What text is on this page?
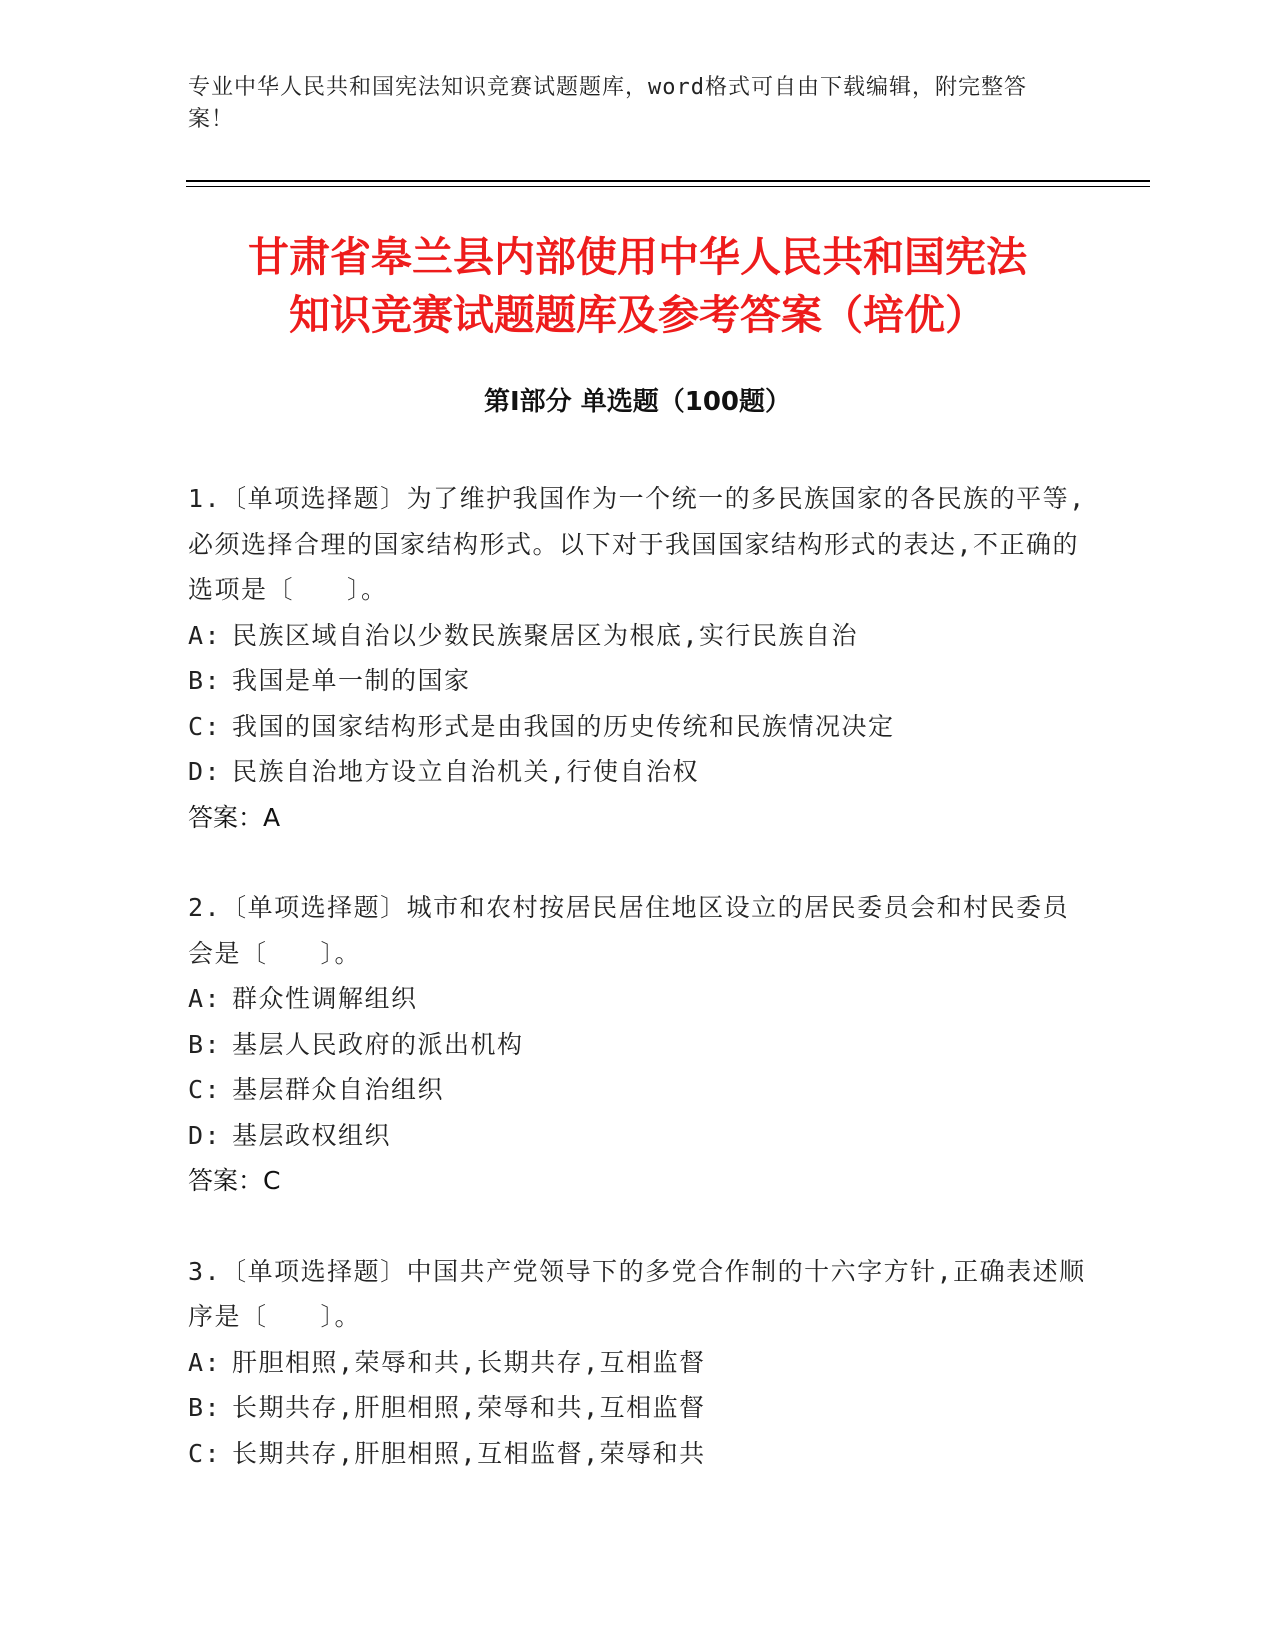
专业中华人民共和国宪法知识竞赛试题题库，word格式可自由下载编辑，附完整答案！
甘肃省皋兰县内部使用中华人民共和国宪法
知识竞赛试题题库及参考答案（培优）
第Ⅰ部分 单选题（100题）

1.〔单项选择题〕为了维护我国作为一个统一的多民族国家的各民族的平等,必须选择合理的国家结构形式。以下对于我国国家结构形式的表达,不正确的选项是〔　　〕。

A: 民族区域自治以少数民族聚居区为根底,实行民族自治

B: 我国是单一制的国家

C: 我国的国家结构形式是由我国的历史传统和民族情况决定

D: 民族自治地方设立自治机关,行使自治权

答案：A

2.〔单项选择题〕城市和农村按居民居住地区设立的居民委员会和村民委员会是〔　　〕。

A: 群众性调解组织

B: 基层人民政府的派出机构

C: 基层群众自治组织

D: 基层政权组织

答案：C

3.〔单项选择题〕中国共产党领导下的多党合作制的十六字方针,正确表述顺序是〔　　〕。

A: 肝胆相照,荣辱和共,长期共存,互相监督

B: 长期共存,肝胆相照,荣辱和共,互相监督

C: 长期共存,肝胆相照,互相监督,荣辱和共
